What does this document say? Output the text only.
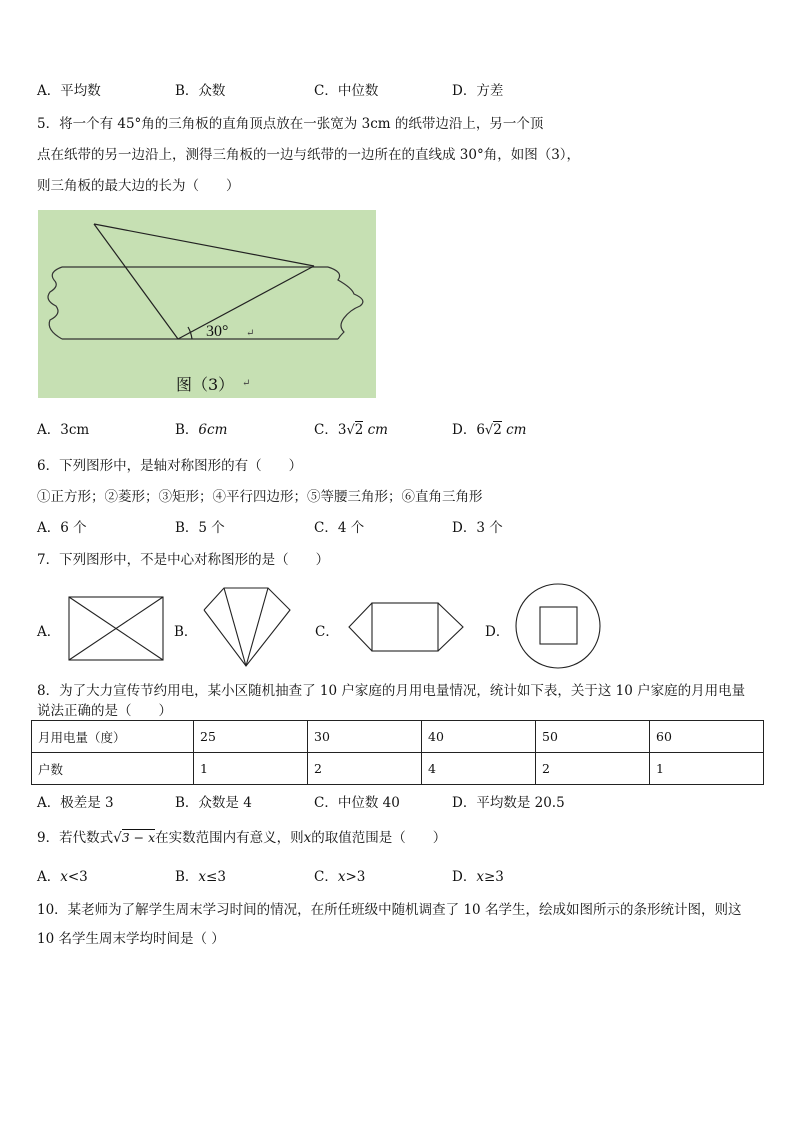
A．平均数	B．众数	C．中位数	D．方差
5．将一个有 45°角的三角板的直角顶点放在一张宽为 3cm 的纸带边沿上，另一个顶
点在纸带的另一边沿上，测得三角板的一边与纸带的一边所在的直线成 30°角，如图（3），
则三角板的最大边的长为（　　）
30° ↵
图（3） ↵
A．3cm	B．6cm	C．3√2 cm	D．6√2 cm
6．下列图形中，是轴对称图形的有（　　）
①正方形；②菱形；③矩形；④平行四边形；⑤等腰三角形；⑥直角三角形
A．6 个	B．5 个	C．4 个	D．3 个
7．下列图形中，不是中心对称图形的是（　　）
A．	B．	C．	D．
8．为了大力宣传节约用电，某小区随机抽查了 10 户家庭的月用电量情况，统计如下表，关于这 10 户家庭的月用电量
说法正确的是（　　）
月用电量（度）	25	30	40	50	60
户数	1	2	4	2	1
A．极差是 3	B．众数是 4	C．中位数 40	D．平均数是 20.5
9．若代数式√3 − x在实数范围内有意义，则x的取值范围是（　　）
A．x<3	B．x≤3	C．x>3	D．x≥3
10．某老师为了解学生周末学习时间的情况，在所任班级中随机调查了 10 名学生，绘成如图所示的条形统计图，则这
10 名学生周末学均时间是（ ）
